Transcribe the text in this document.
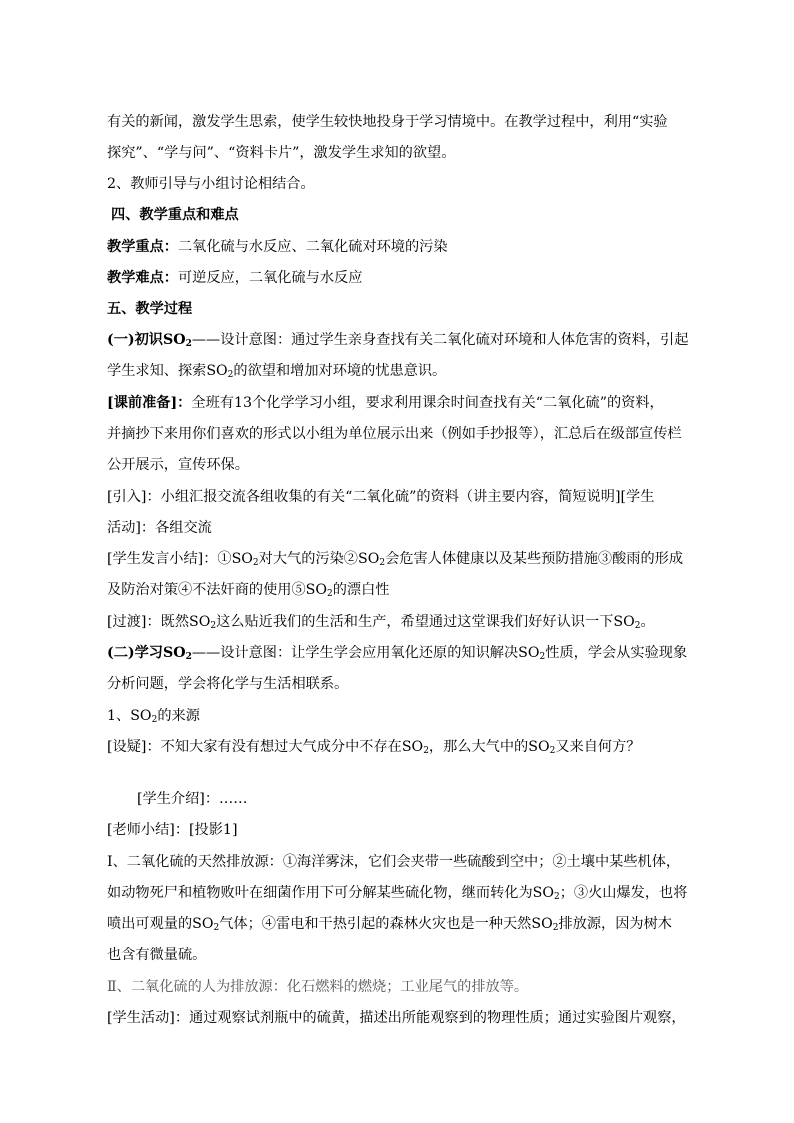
有关的新闻，激发学生思索，使学生较快地投身于学习情境中。在教学过程中，利用“实验
探究”、“学与问”、“资料卡片”，激发学生求知的欲望。
2、教师引导与小组讨论相结合。
四、教学重点和难点
教学重点：二氧化硫与水反应、二氧化硫对环境的污染
教学难点：可逆反应，二氧化硫与水反应
五、教学过程
(一)初识$SO_2——$设计意图：通过学生亲身查找有关二氧化硫对环境和人体危害的资料，引起
学生求知、探索$SO_2$的欲望和增加对环境的忧患意识。
[课前准备]：全班有13个化学学习小组，要求利用课余时间查找有关“二氧化硫”的资料，
并摘抄下来用你们喜欢的形式以小组为单位展示出来（例如手抄报等），汇总后在级部宣传栏
公开展示，宣传环保。
[引入]：小组汇报交流各组收集的有关“二氧化硫”的资料（讲主要内容，简短说明][学生
活动]：各组交流
[学生发言小结]：$①SO_2$对大气的污染$②SO_2$会危害人体健康以及某些预防措施③酸雨的形成
及防治对策④不法奸商的使用$⑤SO_2$的漂白性
[过渡]：既然$SO_2$这么贴近我们的生活和生产，希望通过这堂课我们好好认识一下$SO_2$。
(二)学习$SO_2——$设计意图：让学生学会应用氧化还原的知识解决$SO_2$性质，学会从实验现象
分析问题，学会将化学与生活相联系。
1、$SO_2$的来源
[设疑]：不知大家有没有想过大气成分中不存在$SO_2$，那么大气中的$SO_2$又来自何方？
[学生介绍]：……
[老师小结]：[投影1]
I、二氧化硫的天然排放源：①海洋雾沫，它们会夹带一些硫酸到空中；②土壤中某些机体，
如动物死尸和植物败叶在细菌作用下可分解某些硫化物，继而转化为$SO_2$；③火山爆发，也将
喷出可观量的$SO_2$气体；④雷电和干热引起的森林火灾也是一种天然$SO_2$排放源，因为树木
也含有微量硫。
Ⅱ、二氧化硫的人为排放源：化石燃料的燃烧；工业尾气的排放等。
[学生活动]：通过观察试剂瓶中的硫黄，描述出所能观察到的物理性质；通过实验图片观察，
